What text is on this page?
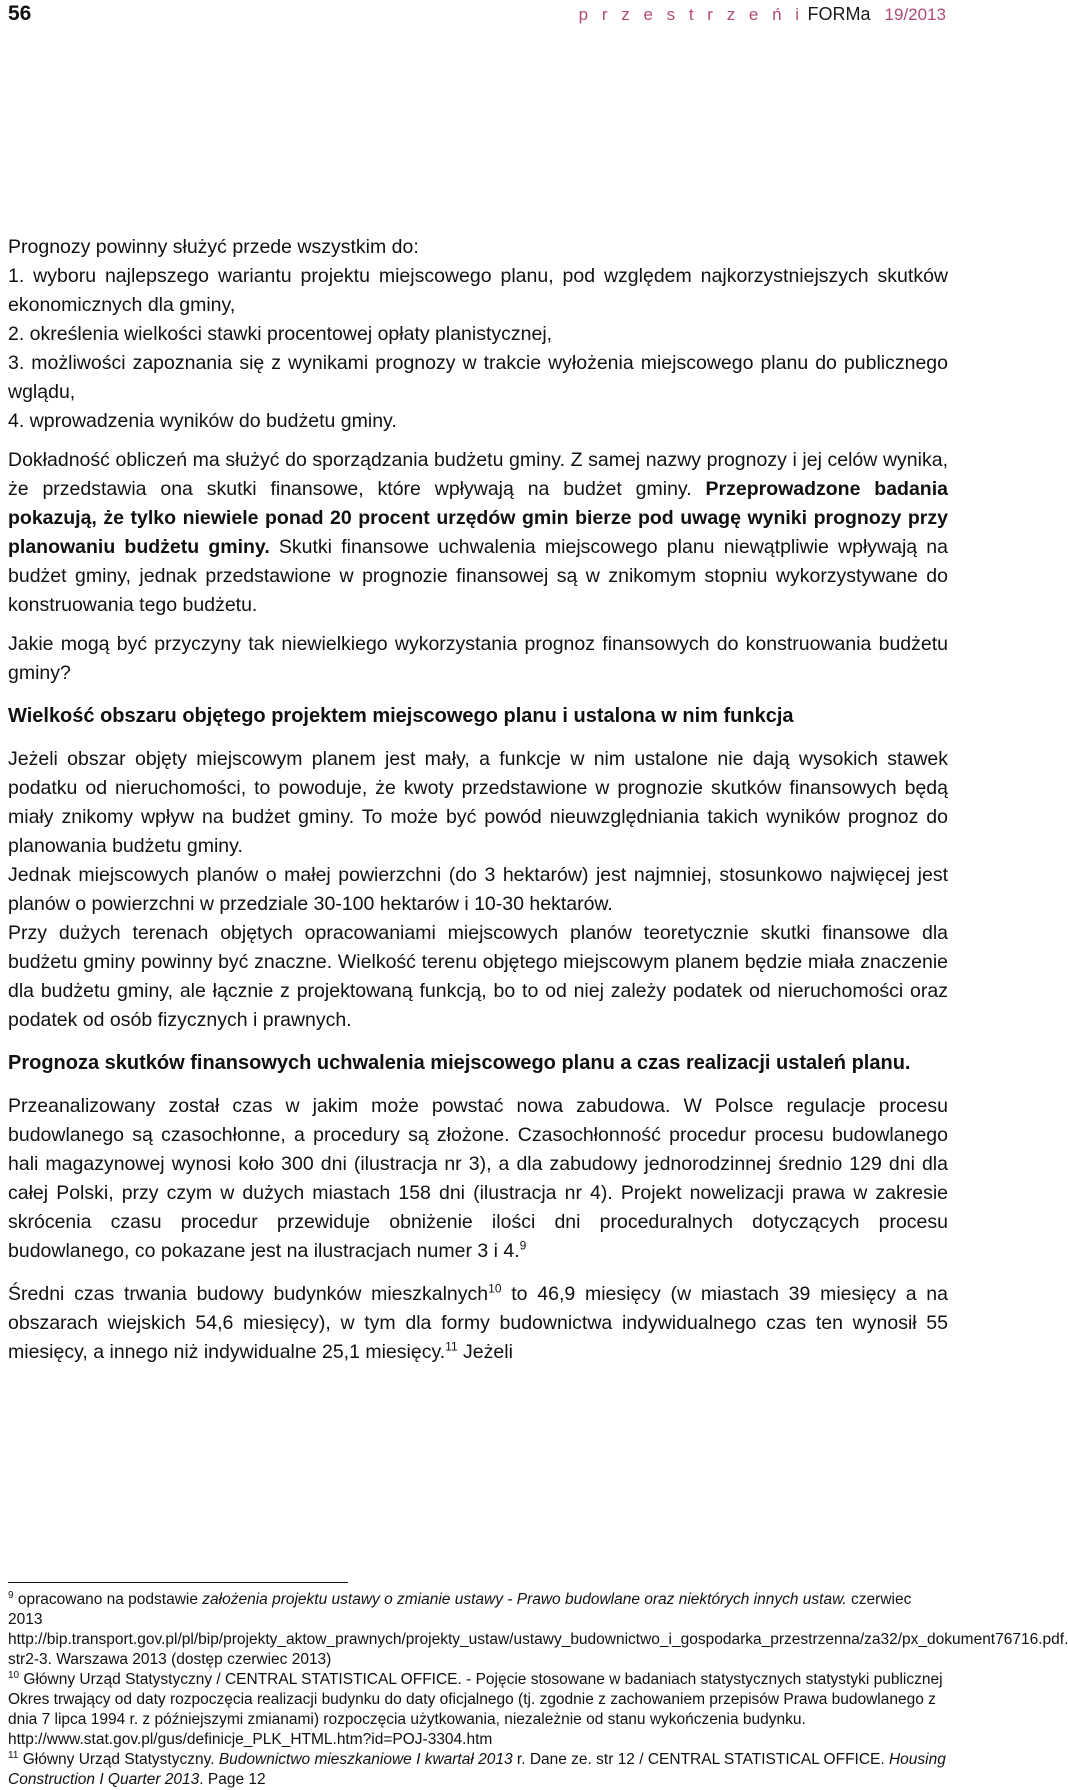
56	p r z e s t r z e ń i FORMa 19/2013

Prognozy powinny służyć przede wszystkim do:

1. wyboru najlepszego wariantu projektu miejscowego planu, pod względem najkorzystniejszych skutków ekonomicznych dla gminy,

2. określenia wielkości stawki procentowej opłaty planistycznej,

3. możliwości zapoznania się z wynikami prognozy w trakcie wyłożenia miejscowego planu do publicznego wglądu,

4. wprowadzenia wyników do budżetu gminy.

Dokładność obliczeń ma służyć do sporządzania budżetu gminy. Z samej nazwy prognozy i jej celów wynika, że przedstawia ona skutki finansowe, które wpływają na budżet gminy. Przeprowadzone badania pokazują, że tylko niewiele ponad 20 procent urzędów gmin bierze pod uwagę wyniki prognozy przy planowaniu budżetu gminy. Skutki finansowe uchwalenia miejscowego planu niewątpliwie wpływają na budżet gminy, jednak przedstawione w prognozie finansowej są w znikomym stopniu wykorzystywane do konstruowania tego budżetu.

Jakie mogą być przyczyny tak niewielkiego wykorzystania prognoz finansowych do konstruowania budżetu gminy?

Wielkość obszaru objętego projektem miejscowego planu i ustalona w nim funkcja

Jeżeli obszar objęty miejscowym planem jest mały, a funkcje w nim ustalone nie dają wysokich stawek podatku od nieruchomości, to powoduje, że kwoty przedstawione w prognozie skutków finansowych będą miały znikomy wpływ na budżet gminy. To może być powód nieuwzględniania takich wyników prognoz do planowania budżetu gminy.

Jednak miejscowych planów o małej powierzchni (do 3 hektarów) jest najmniej, stosunkowo najwięcej jest planów o powierzchni w przedziale 30-100 hektarów i 10-30 hektarów.

Przy dużych terenach objętych opracowaniami miejscowych planów teoretycznie skutki finansowe dla budżetu gminy powinny być znaczne. Wielkość terenu objętego miejscowym planem będzie miała znaczenie dla budżetu gminy, ale łącznie z projektowaną funkcją, bo to od niej zależy podatek od nieruchomości oraz podatek od osób fizycznych i prawnych.

Prognoza skutków finansowych uchwalenia miejscowego planu a czas realizacji ustaleń planu.

Przeanalizowany został czas w jakim może powstać nowa zabudowa. W Polsce regulacje procesu budowlanego są czasochłonne, a procedury są złożone. Czasochłonność procedur procesu budowlanego hali magazynowej wynosi koło 300 dni (ilustracja nr 3), a dla zabudowy jednorodzinnej średnio 129 dni dla całej Polski, przy czym w dużych miastach 158 dni (ilustracja nr 4). Projekt nowelizacji prawa w zakresie skrócenia czasu procedur przewiduje obniżenie ilości dni proceduralnych dotyczących procesu budowlanego, co pokazane jest na ilustracjach numer 3 i 4.$^9$

Średni czas trwania budowy budynków mieszkalnych$^{10}$ to 46,9 miesięcy (w miastach 39 miesięcy a na obszarach wiejskich 54,6 miesięcy), w tym dla formy budownictwa indywidualnego czas ten wynosił 55 miesięcy, a innego niż indywidualne 25,1 miesięcy.$^{11}$ Jeżeli

$^9$ opracowano na podstawie założenia projektu ustawy o zmianie ustawy - Prawo budowlane oraz niektórych innych ustaw. czerwiec 2013

http://bip.transport.gov.pl/pl/bip/projekty_aktow_prawnych/projekty_ustaw/ustawy_budownictwo_i_gospodarka_przestrzenna/za32/px_dokument76716.pdf. str2-3. Warszawa 2013 (dostęp czerwiec 2013)

$^{10}$ Główny Urząd Statystyczny / CENTRAL STATISTICAL OFFICE. - Pojęcie stosowane w badaniach statystycznych statystyki publicznej Okres trwający od daty rozpoczęcia realizacji budynku do daty oficjalnego (tj. zgodnie z zachowaniem przepisów Prawa budowlanego z dnia 7 lipca 1994 r. z późniejszymi zmianami) rozpoczęcia użytkowania, niezależnie od stanu wykończenia budynku.

http://www.stat.gov.pl/gus/definicje_PLK_HTML.htm?id=POJ-3304.htm

$^{11}$ Główny Urząd Statystyczny. Budownictwo mieszkaniowe I kwartał 2013 r. Dane ze. str 12 / CENTRAL STATISTICAL OFFICE. Housing Construction I Quarter 2013. Page 12
